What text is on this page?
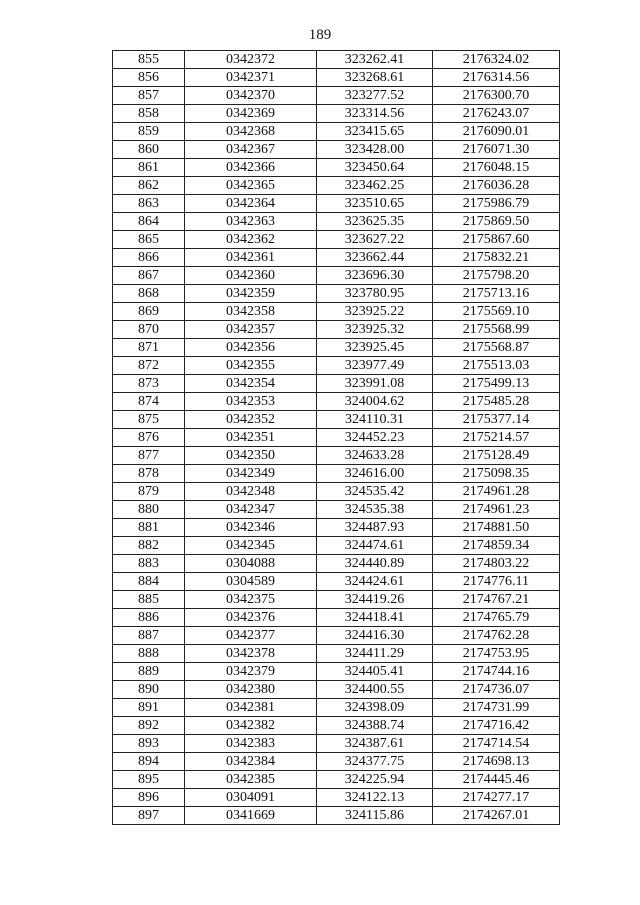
189
855	0342372	323262.41	2176324.02
856	0342371	323268.61	2176314.56
857	0342370	323277.52	2176300.70
858	0342369	323314.56	2176243.07
859	0342368	323415.65	2176090.01
860	0342367	323428.00	2176071.30
861	0342366	323450.64	2176048.15
862	0342365	323462.25	2176036.28
863	0342364	323510.65	2175986.79
864	0342363	323625.35	2175869.50
865	0342362	323627.22	2175867.60
866	0342361	323662.44	2175832.21
867	0342360	323696.30	2175798.20
868	0342359	323780.95	2175713.16
869	0342358	323925.22	2175569.10
870	0342357	323925.32	2175568.99
871	0342356	323925.45	2175568.87
872	0342355	323977.49	2175513.03
873	0342354	323991.08	2175499.13
874	0342353	324004.62	2175485.28
875	0342352	324110.31	2175377.14
876	0342351	324452.23	2175214.57
877	0342350	324633.28	2175128.49
878	0342349	324616.00	2175098.35
879	0342348	324535.42	2174961.28
880	0342347	324535.38	2174961.23
881	0342346	324487.93	2174881.50
882	0342345	324474.61	2174859.34
883	0304088	324440.89	2174803.22
884	0304589	324424.61	2174776.11
885	0342375	324419.26	2174767.21
886	0342376	324418.41	2174765.79
887	0342377	324416.30	2174762.28
888	0342378	324411.29	2174753.95
889	0342379	324405.41	2174744.16
890	0342380	324400.55	2174736.07
891	0342381	324398.09	2174731.99
892	0342382	324388.74	2174716.42
893	0342383	324387.61	2174714.54
894	0342384	324377.75	2174698.13
895	0342385	324225.94	2174445.46
896	0304091	324122.13	2174277.17
897	0341669	324115.86	2174267.01
